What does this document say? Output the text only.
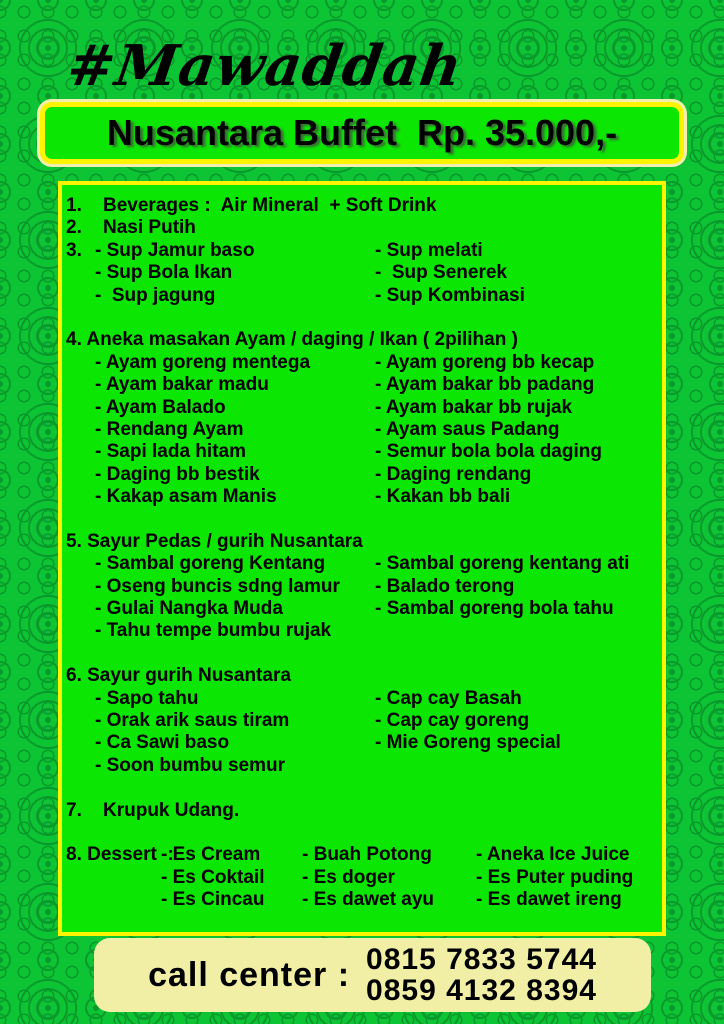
#Mawaddah
Nusantara Buffet Rp. 35.000,-
1. Beverages :  Air Mineral  + Soft Drink
2. Nasi Putih
3. - Sup Jamur baso	- Sup melati
- Sup Bola Ikan	-  Sup Senerek
-  Sup jagung	- Sup Kombinasi
4. Aneka masakan Ayam / daging / Ikan ( 2pilihan )
- Ayam goreng mentega	- Ayam goreng bb kecap
- Ayam bakar madu	- Ayam bakar bb padang
- Ayam Balado	- Ayam bakar bb rujak
- Rendang Ayam	- Ayam saus Padang
- Sapi lada hitam	- Semur bola bola daging
- Daging bb bestik	- Daging rendang
- Kakap asam Manis	- Kakan bb bali
5. Sayur Pedas / gurih Nusantara
- Sambal goreng Kentang	- Sambal goreng kentang ati
- Oseng buncis sdng lamur - Balado terong
- Gulai Nangka Muda	- Sambal goreng bola tahu
- Tahu tempe bumbu rujak
6. Sayur gurih Nusantara
- Sapo tahu	- Cap cay Basah
- Orak arik saus tiram	- Cap cay goreng
- Ca Sawi baso	- Mie Goreng special
- Soon bumbu semur
7. Krupuk Udang.
8. Dessert  :
- Es Cream - Buah Potong - Aneka Ice Juice
- Es Coktail - Es doger	- Es Puter puding
- Es Cincau - Es dawet ayu - Es dawet ireng
call center : 0815 7833 5744
0859 4132 8394
